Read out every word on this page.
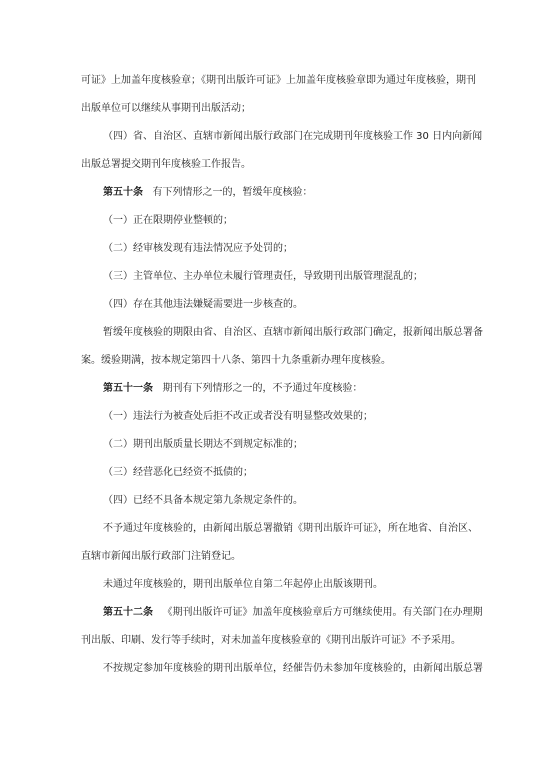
可证》上加盖年度核验章；《期刊出版许可证》上加盖年度核验章即为通过年度核验，期刊
出版单位可以继续从事期刊出版活动；
（四）省、自治区、直辖市新闻出版行政部门在完成期刊年度核验工作 30 日内向新闻
出版总署提交期刊年度核验工作报告。
第五十条 有下列情形之一的，暂缓年度核验：
（一）正在限期停业整顿的；
（二）经审核发现有违法情况应予处罚的；
（三）主管单位、主办单位未履行管理责任，导致期刊出版管理混乱的；
（四）存在其他违法嫌疑需要进一步核查的。
暂缓年度核验的期限由省、自治区、直辖市新闻出版行政部门确定，报新闻出版总署备
案。缓验期满，按本规定第四十八条、第四十九条重新办理年度核验。
第五十一条 期刊有下列情形之一的，不予通过年度核验：
（一）违法行为被查处后拒不改正或者没有明显整改效果的；
（二）期刊出版质量长期达不到规定标准的；
（三）经营恶化已经资不抵债的；
（四）已经不具备本规定第九条规定条件的。
不予通过年度核验的，由新闻出版总署撤销《期刊出版许可证》，所在地省、自治区、
直辖市新闻出版行政部门注销登记。
未通过年度核验的，期刊出版单位自第二年起停止出版该期刊。
第五十二条 《期刊出版许可证》加盖年度核验章后方可继续使用。有关部门在办理期
刊出版、印刷、发行等手续时，对未加盖年度核验章的《期刊出版许可证》不予采用。
不按规定参加年度核验的期刊出版单位，经催告仍未参加年度核验的，由新闻出版总署
